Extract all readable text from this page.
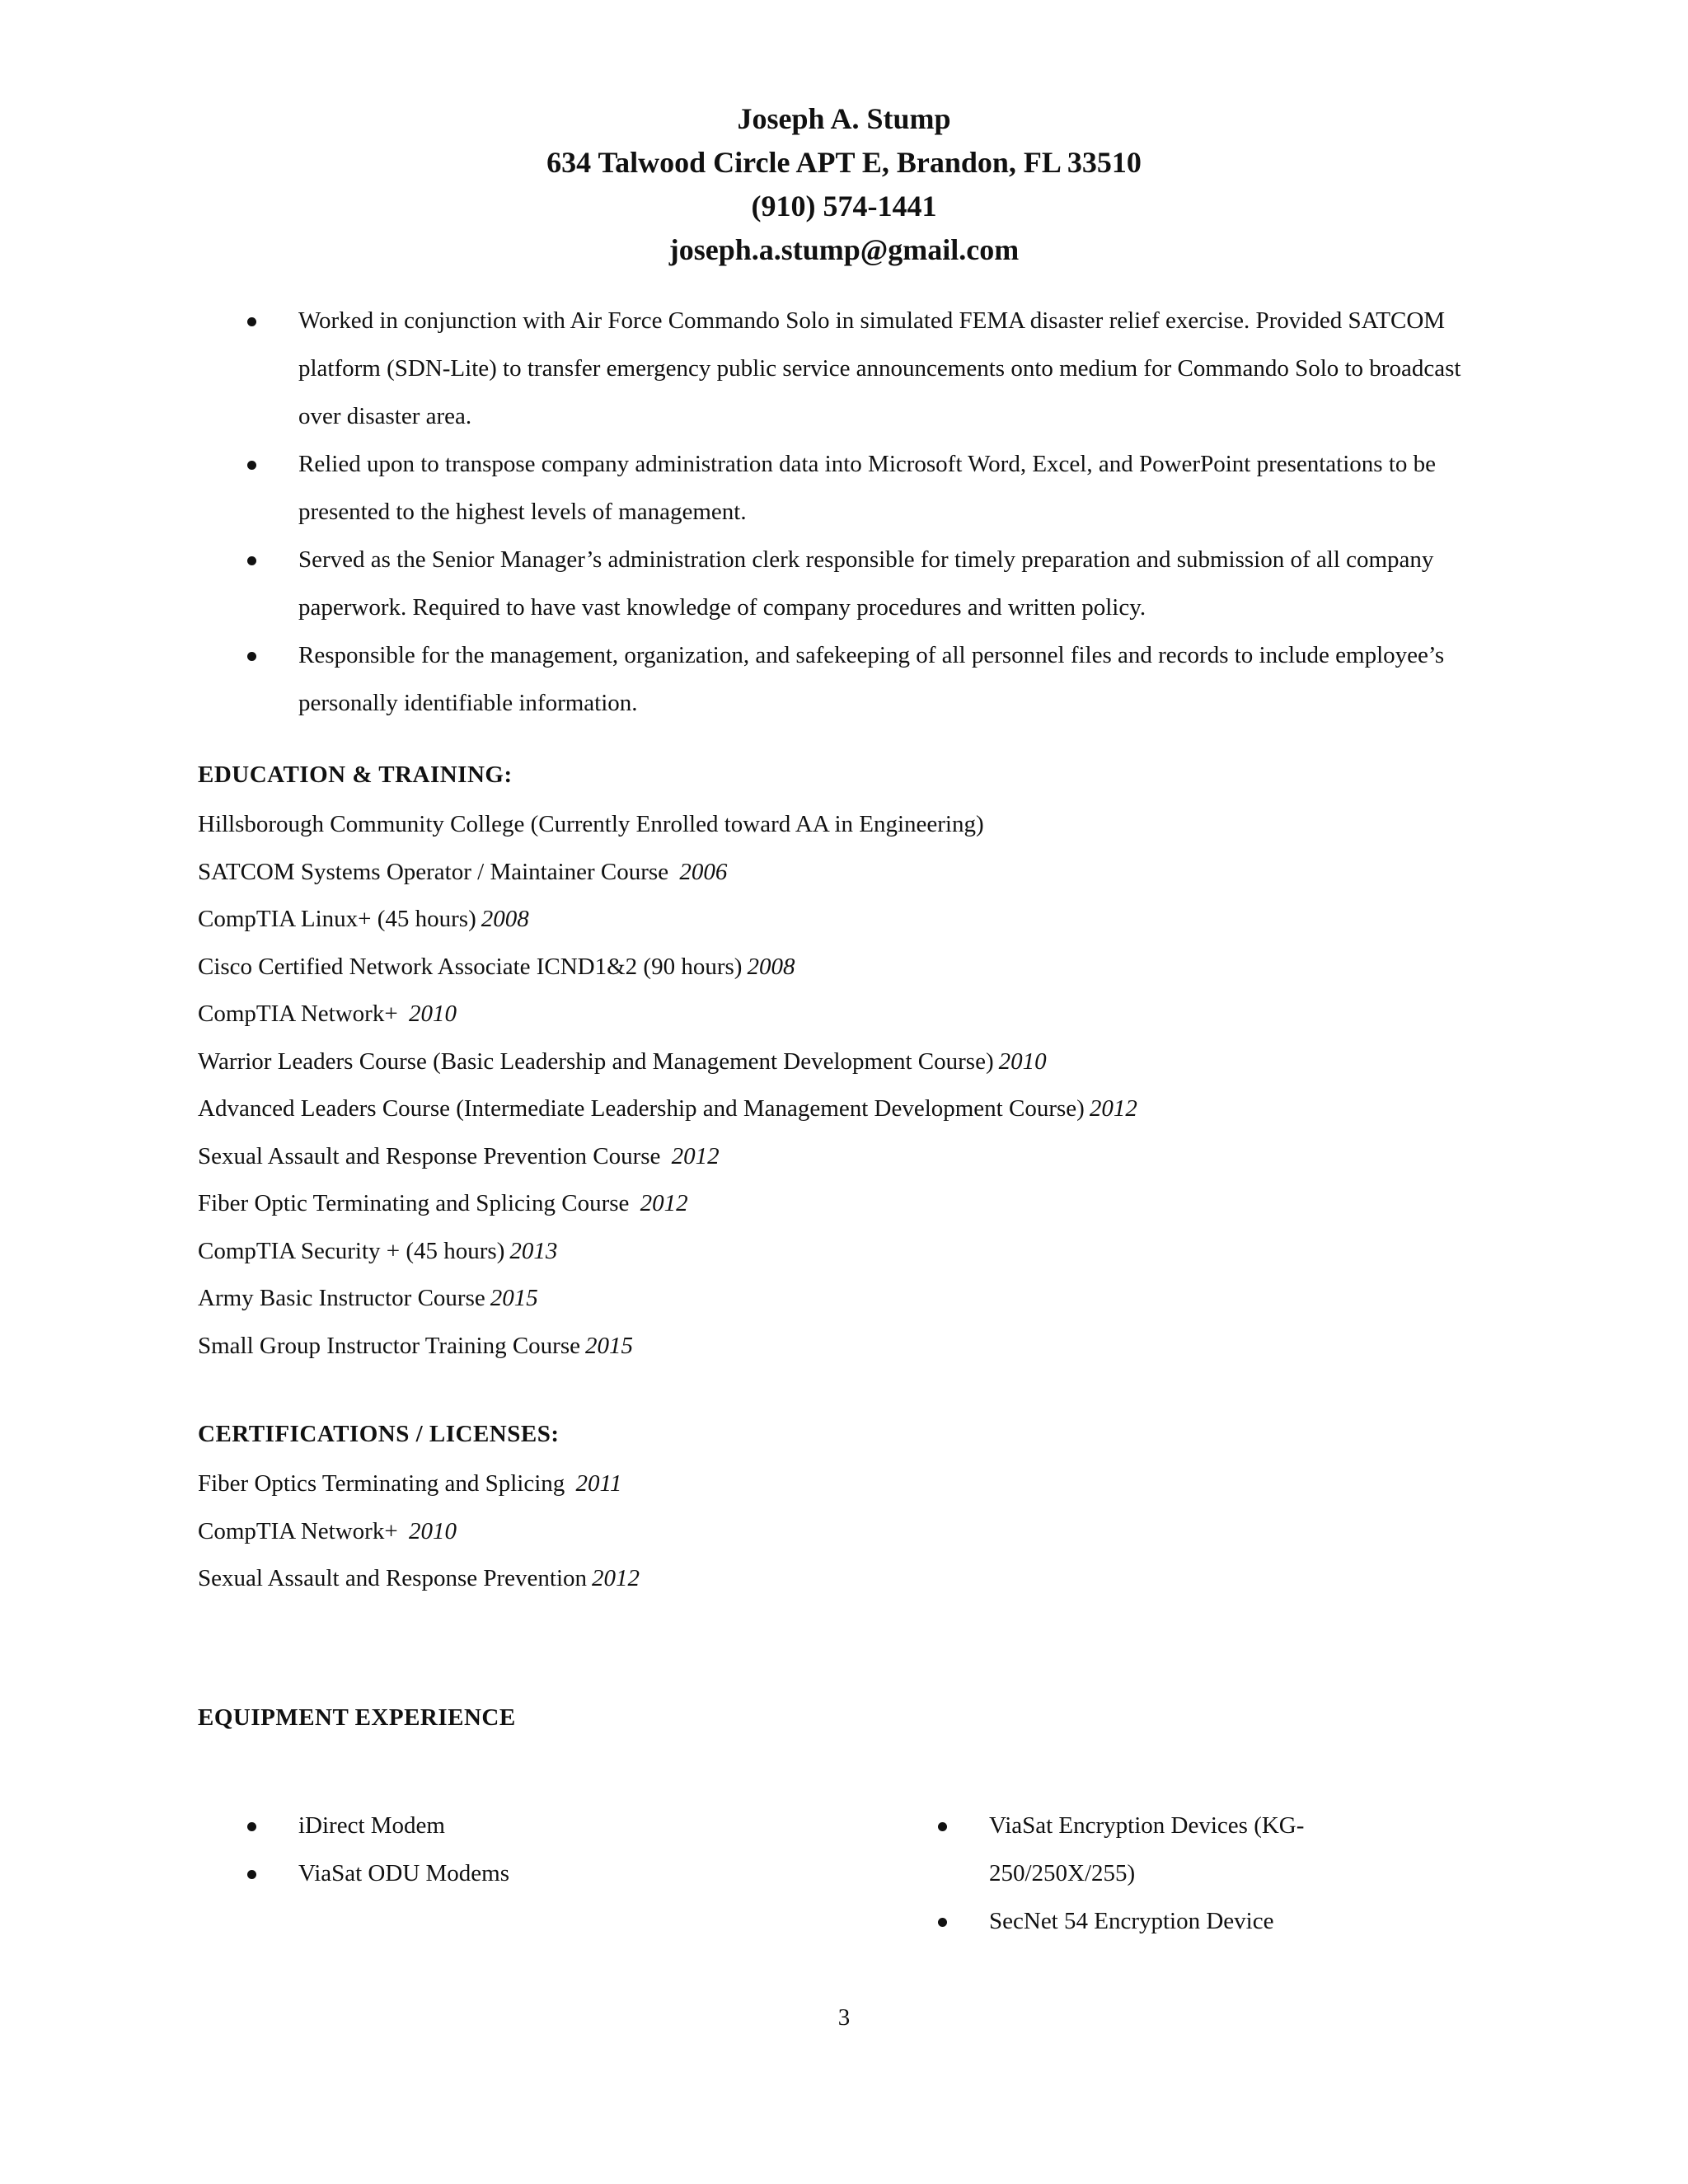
Joseph A. Stump
634 Talwood Circle APT E, Brandon, FL 33510
(910) 574-1441
joseph.a.stump@gmail.com
Worked in conjunction with Air Force Commando Solo in simulated FEMA disaster relief exercise. Provided SATCOM platform (SDN-Lite) to transfer emergency public service announcements onto medium for Commando Solo to broadcast over disaster area.
Relied upon to transpose company administration data into Microsoft Word, Excel, and PowerPoint presentations to be presented to the highest levels of management.
Served as the Senior Manager’s administration clerk responsible for timely preparation and submission of all company paperwork. Required to have vast knowledge of company procedures and written policy.
Responsible for the management, organization, and safekeeping of all personnel files and records to include employee’s personally identifiable information.
EDUCATION & TRAINING:
Hillsborough Community College (Currently Enrolled toward AA in Engineering)
SATCOM Systems Operator / Maintainer Course 2006
CompTIA Linux+ (45 hours) 2008
Cisco Certified Network Associate ICND1&2 (90 hours) 2008
CompTIA Network+ 2010
Warrior Leaders Course (Basic Leadership and Management Development Course) 2010
Advanced Leaders Course (Intermediate Leadership and Management Development Course) 2012
Sexual Assault and Response Prevention Course 2012
Fiber Optic Terminating and Splicing Course 2012
CompTIA Security + (45 hours) 2013
Army Basic Instructor Course 2015
Small Group Instructor Training Course 2015
CERTIFICATIONS / LICENSES:
Fiber Optics Terminating and Splicing 2011
CompTIA Network+ 2010
Sexual Assault and Response Prevention 2012
EQUIPMENT EXPERIENCE
iDirect Modem
ViaSat ODU Modems
ViaSat Encryption Devices (KG-250/250X/255)
SecNet 54 Encryption Device
3
